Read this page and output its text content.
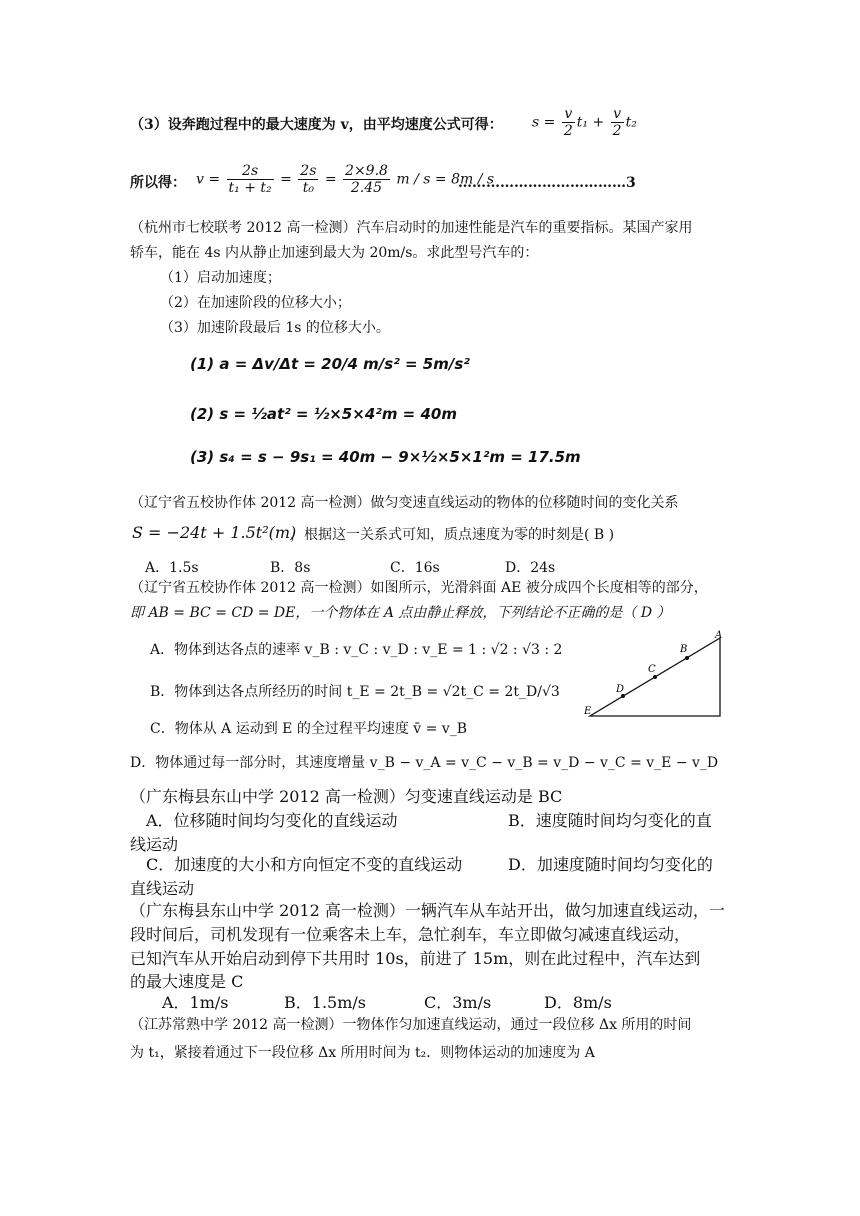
（3）设奔跑过程中的最大速度为 v，由平均速度公式可得： $s = \frac{v}{2} t_1 + \frac{v}{2} t_2$
所以得： $v = \frac{2s}{\text{t₁ + t₂}} = \frac{2s}{\text{t₀}} = \frac{2\times 9.8}{2.45}$ m / s = 8m / s
………………………………3
（杭州市七校联考 2012 高一检测）汽车启动时的加速性能是汽车的重要指标。某国产家用
轿车，能在 4s 内从静止加速到最大为 20m/s。求此型号汽车的：
（1）启动加速度；
（2）在加速阶段的位移大小；
（3）加速阶段最后 1s 的位移大小。
(1) a = Δv/Δt = 20/4 m/s² = 5m/s²
(2) s = ½at² = ½×5×4²m = 40m
(3) s₄ = s − 9s₁ = 40m − 9×½×5×1²m = 17.5m
（辽宁省五校协作体 2012 高一检测）做匀变速直线运动的物体的位移随时间的变化关系
S = −24t + 1.5t²(m)
，根据这一关系式可知，质点速度为零的时刻是( B )
A．1.5s	B．8s	C．16s	D．24s
（辽宁省五校协作体 2012 高一检测）如图所示，光滑斜面 AE 被分成四个长度相等的部分，
即 AB = BC = CD = DE，一个物体在 A 点由静止释放，下列结论不正确的是（ D ）
A．物体到达各点的速率 v_B : v_C : v_D : v_E = 1 : √2 : √3 : 2
B．物体到达各点所经历的时间 t_E = 2t_B = √2t_C = 2t_D/√3
C．物体从 A 运动到 E 的全过程平均速度 v̄ = v_B
D．物体通过每一部分时，其速度增量 v_B − v_A = v_C − v_B = v_D − v_C = v_E − v_D
A
B
C
D
E
（广东梅县东山中学 2012 高一检测）匀变速直线运动是 BC
A．位移随时间均匀变化的直线运动	B．速度随时间均匀变化的直
线运动
C．加速度的大小和方向恒定不变的直线运动	D．加速度随时间均匀变化的
直线运动
（广东梅县东山中学 2012 高一检测）一辆汽车从车站开出，做匀加速直线运动，一
段时间后，司机发现有一位乘客未上车，急忙刹车，车立即做匀减速直线运动，
已知汽车从开始启动到停下共用时 10s，前进了 15m，则在此过程中，汽车达到
的最大速度是 C
A．1m/s	B．1.5m/s	C．3m/s	D．8m/s
（江苏常熟中学 2012 高一检测）一物体作匀加速直线运动，通过一段位移 Δx 所用的时间
为 t₁，紧接着通过下一段位移 Δx 所用时间为 t₂．则物体运动的加速度为 A
